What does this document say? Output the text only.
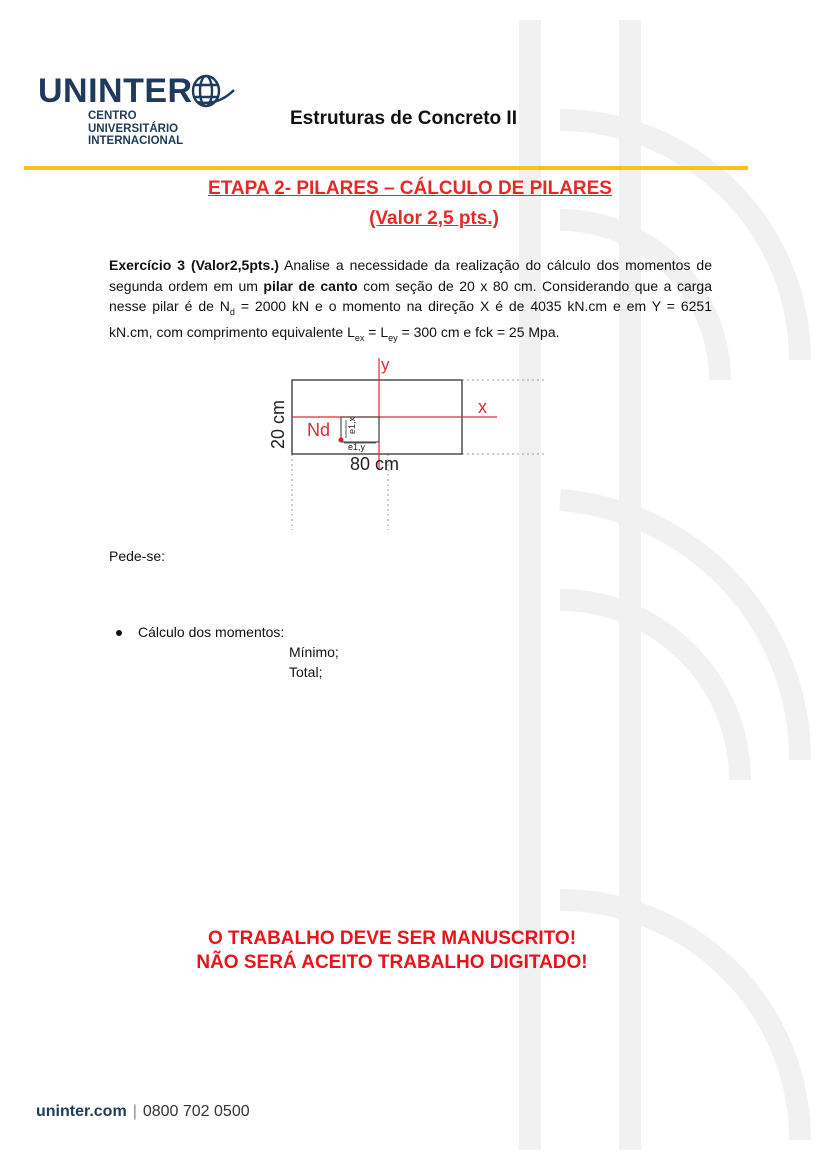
UNINTER
CENTRO
UNIVERSITÁRIO
INTERNACIONAL
Estruturas de Concreto II
ETAPA 2- PILARES – CÁLCULO DE PILARES
(Valor 2,5 pts.)

Exercício 3 (Valor2,5pts.) Analise a necessidade da realização do cálculo dos momentos de segunda ordem em um pilar de canto com seção de 20 x 80 cm. Considerando que a carga nesse pilar é de $N_d = 2000$ kN e o momento na direção X é de 4035 kN.cm e em Y = 6251 kN.cm, com comprimento equivalente $L_{ex} = L_{ey} = 300$ cm e fck = 25 Mpa.

y
x
Nd e1,x
e1,y
20 cm
80 cm
Pede-se:
Cálculo dos momentos:
Mínimo;
Total;
O TRABALHO DEVE SER MANUSCRITO!
NÃO SERÁ ACEITO TRABALHO DIGITADO!
uninter.com | 0800 702 0500
